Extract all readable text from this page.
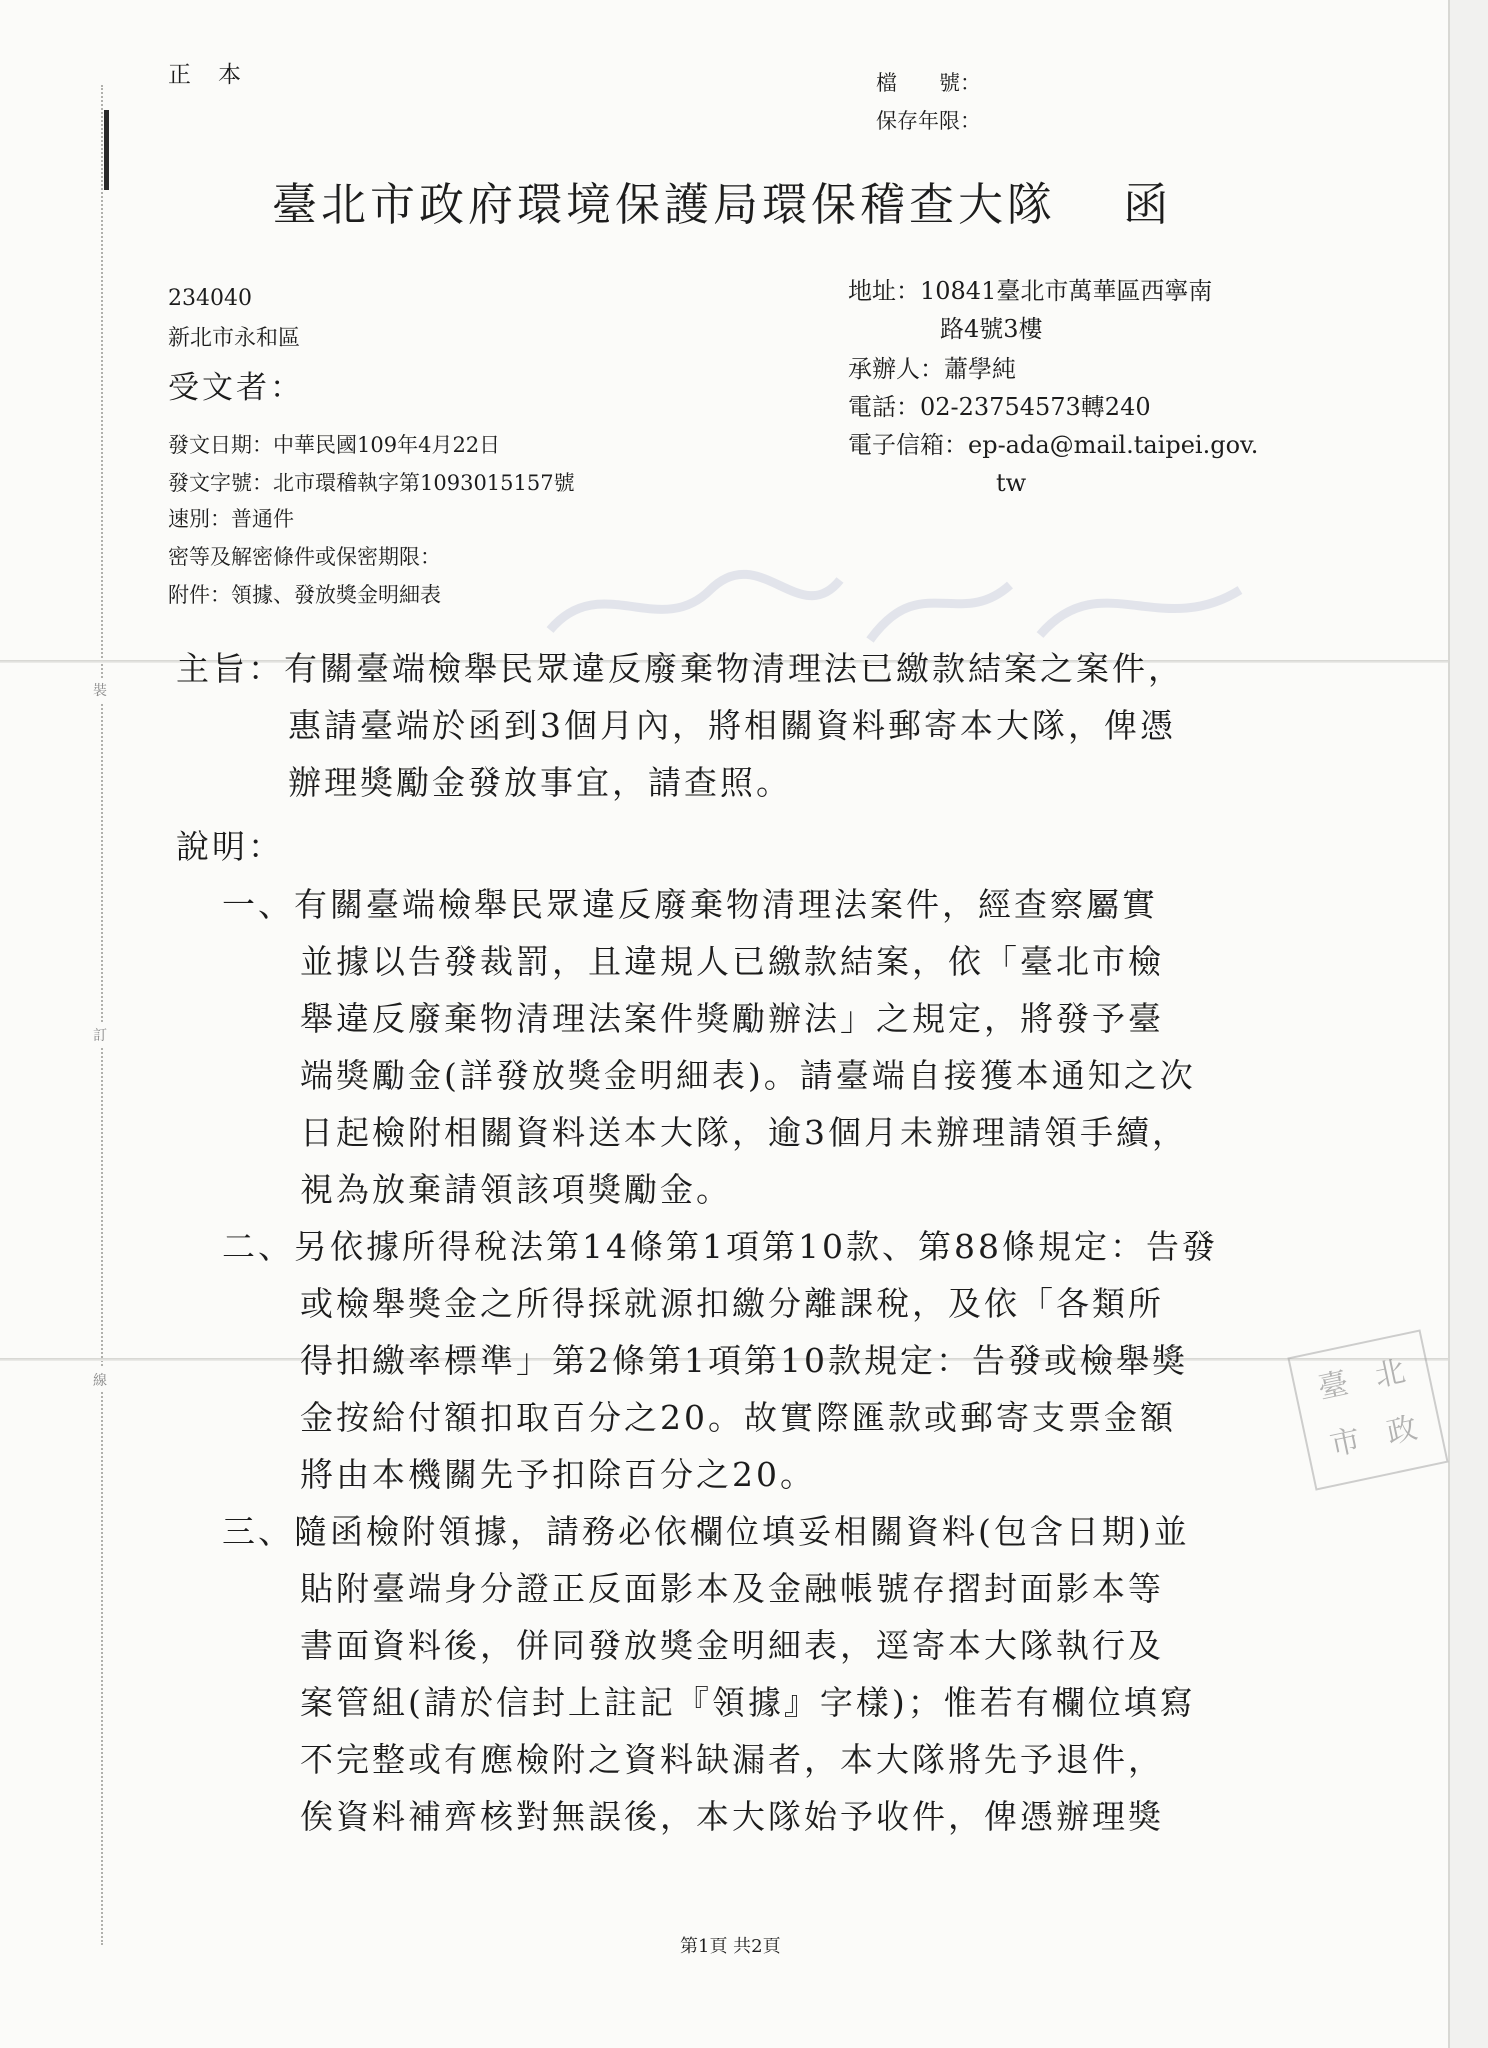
裝
訂
線
正　本	檔　　號：
保存年限：
臺北市政府環境保護局環保稽查大隊　 函
234040
新北市永和區
受文者：
地址：10841臺北市萬華區西寧南
路4號3樓
承辦人：蕭學純
電話：02-23754573轉240
電子信箱：ep-ada@mail.taipei.gov.
tw
發文日期：中華民國109年4月22日
發文字號：北市環稽執字第1093015157號
速別：普通件
密等及解密條件或保密期限：
附件：領據、發放獎金明細表
主旨：有關臺端檢舉民眾違反廢棄物清理法已繳款結案之案件，
惠請臺端於函到3個月內，將相關資料郵寄本大隊，俾憑
辦理獎勵金發放事宜，請查照。
說明：
一、有關臺端檢舉民眾違反廢棄物清理法案件，經查察屬實
並據以告發裁罰，且違規人已繳款結案，依「臺北市檢
舉違反廢棄物清理法案件獎勵辦法」之規定，將發予臺
端獎勵金(詳發放獎金明細表)。請臺端自接獲本通知之次
日起檢附相關資料送本大隊，逾3個月未辦理請領手續，
視為放棄請領該項獎勵金。
二、另依據所得稅法第14條第1項第10款、第88條規定：告發
或檢舉獎金之所得採就源扣繳分離課稅，及依「各類所
得扣繳率標準」第2條第1項第10款規定：告發或檢舉獎
金按給付額扣取百分之20。故實際匯款或郵寄支票金額
將由本機關先予扣除百分之20。
三、隨函檢附領據，請務必依欄位填妥相關資料(包含日期)並
貼附臺端身分證正反面影本及金融帳號存摺封面影本等
書面資料後，併同發放獎金明細表，逕寄本大隊執行及
案管組(請於信封上註記『領據』字樣)；惟若有欄位填寫
不完整或有應檢附之資料缺漏者，本大隊將先予退件，
俟資料補齊核對無誤後，本大隊始予收件，俾憑辦理獎
臺 北
市 政
第1頁 共2頁
